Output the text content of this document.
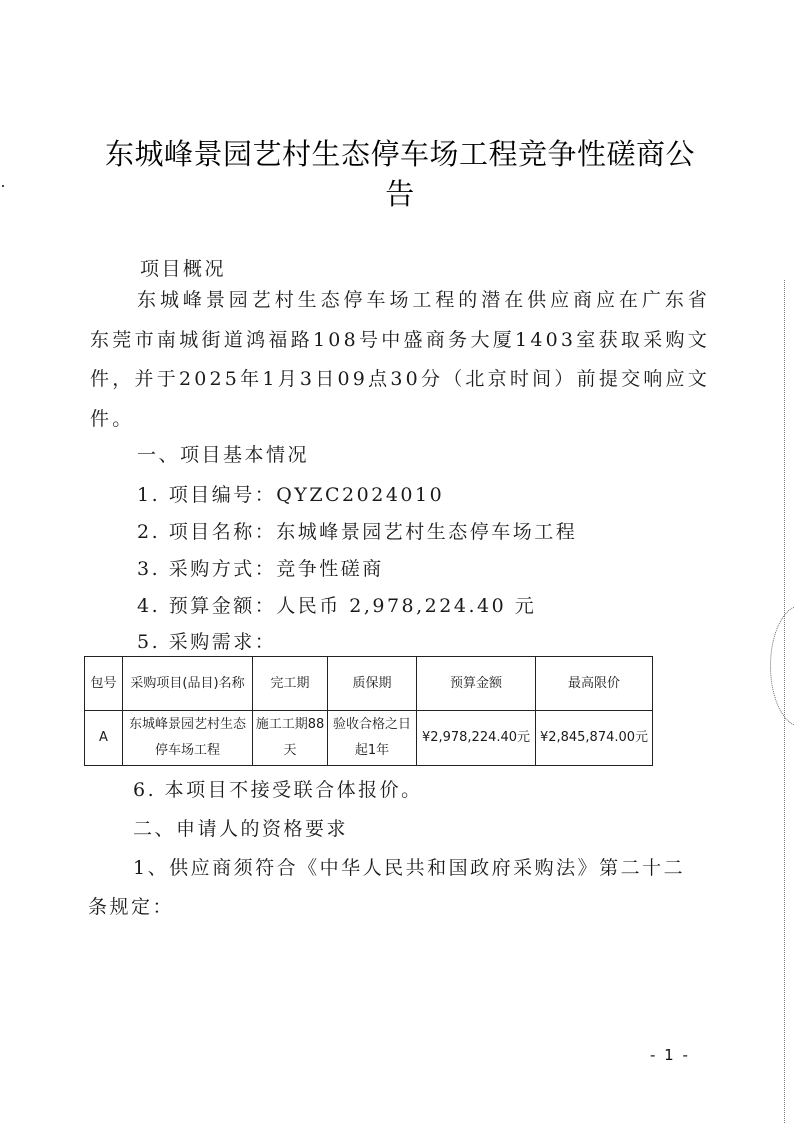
东城峰景园艺村生态停车场工程竞争性磋商公
告
项目概况
东城峰景园艺村生态停车场工程的潜在供应商应在广东省东莞市南城街道鸿福路108号中盛商务大厦1403室获取采购文件，并于2025年1月3日09点30分（北京时间）前提交响应文件。
一、项目基本情况
1. 项目编号：QYZC2024010
2. 项目名称：东城峰景园艺村生态停车场工程
3. 采购方式：竞争性磋商
4. 预算金额：人民币 2,978,224.40 元
5. 采购需求：
包号	采购项目(品目)名称	完工期	质保期	预算金额	最高限价
A	东城峰景园艺村生态停车场工程	施工工期88天	验收合格之日起1年	¥2,978,224.40元	¥2,845,874.00元
6. 本项目不接受联合体报价。
二、申请人的资格要求
1、供应商须符合《中华人民共和国政府采购法》第二十二
条规定：
- 1 -
